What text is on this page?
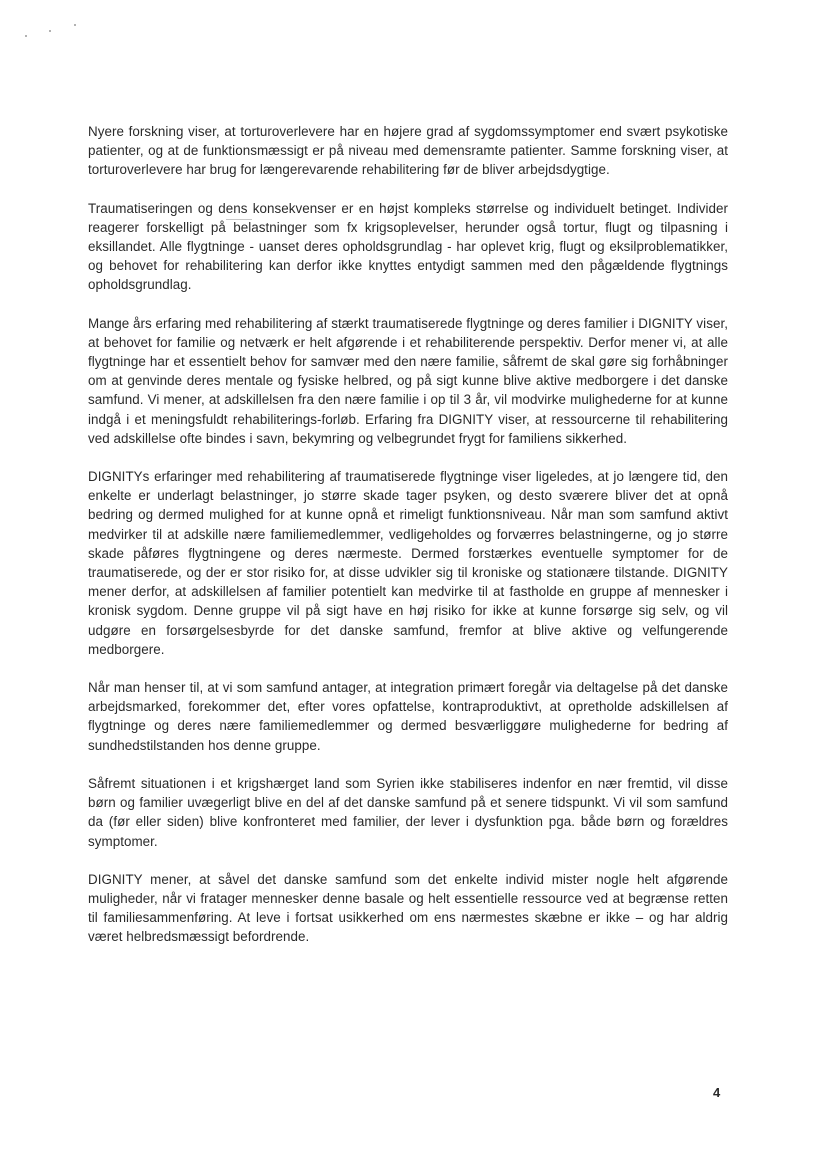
Nyere forskning viser, at torturoverlevere har en højere grad af sygdomssymptomer end svært psykotiske patienter, og at de funktionsmæssigt er på niveau med demensramte patienter. Samme forskning viser, at torturoverlevere har brug for længerevarende rehabilitering før de bliver arbejdsdygtige.

Traumatiseringen og dens konsekvenser er en højst kompleks størrelse og individuelt betinget. Individer reagerer forskelligt på belastninger som fx krigsoplevelser, herunder også tortur, flugt og tilpasning i eksillandet. Alle flygtninge - uanset deres opholdsgrundlag - har oplevet krig, flugt og eksilproblematikker, og behovet for rehabilitering kan derfor ikke knyttes entydigt sammen med den pågældende flygtnings opholdsgrundlag.

Mange års erfaring med rehabilitering af stærkt traumatiserede flygtninge og deres familier i DIGNITY viser, at behovet for familie og netværk er helt afgørende i et rehabiliterende perspektiv. Derfor mener vi, at alle flygtninge har et essentielt behov for samvær med den nære familie, såfremt de skal gøre sig forhåbninger om at genvinde deres mentale og fysiske helbred, og på sigt kunne blive aktive medborgere i det danske samfund. Vi mener, at adskillelsen fra den nære familie i op til 3 år, vil modvirke mulighederne for at kunne indgå i et meningsfuldt rehabiliterings-forløb. Erfaring fra DIGNITY viser, at ressourcerne til rehabilitering ved adskillelse ofte bindes i savn, bekymring og velbegrundet frygt for familiens sikkerhed.

DIGNITYs erfaringer med rehabilitering af traumatiserede flygtninge viser ligeledes, at jo længere tid, den enkelte er underlagt belastninger, jo større skade tager psyken, og desto sværere bliver det at opnå bedring og dermed mulighed for at kunne opnå et rimeligt funktionsniveau. Når man som samfund aktivt medvirker til at adskille nære familiemedlemmer, vedligeholdes og forværres belastningerne, og jo større skade påføres flygtningene og deres nærmeste. Dermed forstærkes eventuelle symptomer for de traumatiserede, og der er stor risiko for, at disse udvikler sig til kroniske og stationære tilstande. DIGNITY mener derfor, at adskillelsen af familier potentielt kan medvirke til at fastholde en gruppe af mennesker i kronisk sygdom. Denne gruppe vil på sigt have en høj risiko for ikke at kunne forsørge sig selv, og vil udgøre en forsørgelsesbyrde for det danske samfund, fremfor at blive aktive og velfungerende medborgere.

Når man henser til, at vi som samfund antager, at integration primært foregår via deltagelse på det danske arbejdsmarked, forekommer det, efter vores opfattelse, kontraproduktivt, at opretholde adskillelsen af flygtninge og deres nære familiemedlemmer og dermed besværliggøre mulighederne for bedring af sundhedstilstanden hos denne gruppe.

Såfremt situationen i et krigshærget land som Syrien ikke stabiliseres indenfor en nær fremtid, vil disse børn og familier uvægerligt blive en del af det danske samfund på et senere tidspunkt. Vi vil som samfund da (før eller siden) blive konfronteret med familier, der lever i dysfunktion pga. både børn og forældres symptomer.

DIGNITY mener, at såvel det danske samfund som det enkelte individ mister nogle helt afgørende muligheder, når vi fratager mennesker denne basale og helt essentielle ressource ved at begrænse retten til familiesammenføring. At leve i fortsat usikkerhed om ens nærmestes skæbne er ikke – og har aldrig været helbredsmæssigt befordrende.

4
